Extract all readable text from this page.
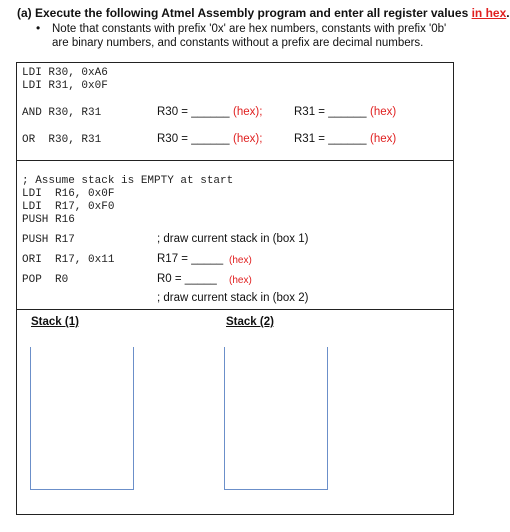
(a) Execute the following Atmel Assembly program and enter all register values in hex.
• Note that constants with prefix '0x' are hex numbers, constants with prefix '0b' are binary numbers, and constants without a prefix are decimal numbers.
LDI R30, 0xA6
LDI R31, 0x0F
AND R30, R31	R30 = ______ (hex);	R31 = ______ (hex)
OR  R30, R31	R30 = ______ (hex);	R31 = ______ (hex)
; Assume stack is EMPTY at start
LDI  R16, 0x0F
LDI  R17, 0xF0
PUSH R16
PUSH R17	; draw current stack in (box 1)
ORI  R17, 0x11	R17 = _____ (hex)
POP  R0	R0 = _____ (hex)
; draw current stack in (box 2)
Stack (1)	Stack (2)
